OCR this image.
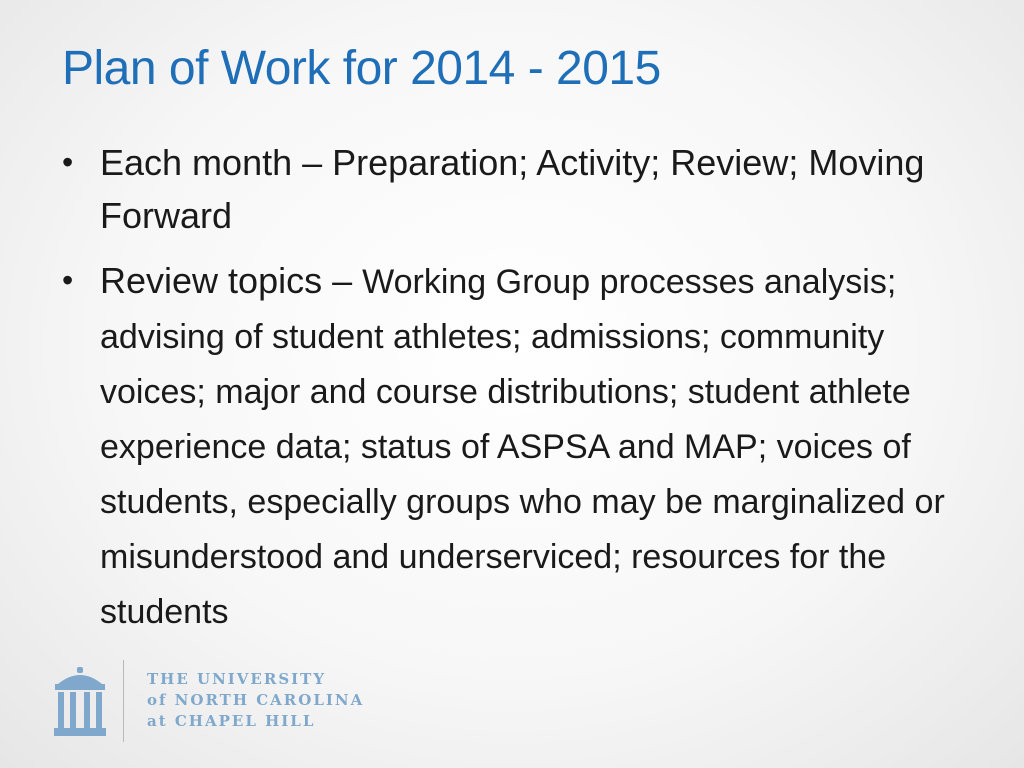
Plan of Work for 2014 - 2015
• Each month – Preparation; Activity; Review; Moving Forward
• Review topics – Working Group processes analysis; advising of student athletes; admissions; community voices; major and course distributions; student athlete experience data; status of ASPSA and MAP; voices of students, especially groups who may be marginalized or misunderstood and underserviced; resources for the students
THE UNIVERSITY
of NORTH CAROLINA
at CHAPEL HILL
